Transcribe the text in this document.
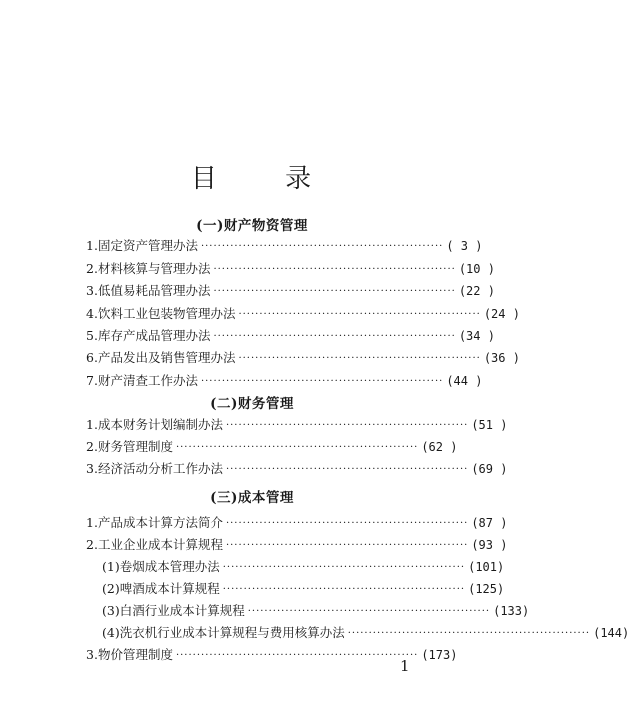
目 录
(一)财产物资管理
1. 固定资产管理办法 ·························································· ( 3 )
2. 材料核算与管理办法 ·························································· (10 )
3. 低值易耗品管理办法 ·························································· (22 )
4. 饮料工业包装物管理办法 ·························································· (24 )
5. 库存产成品管理办法 ·························································· (34 )
6. 产品发出及销售管理办法 ·························································· (36 )
7. 财产清查工作办法 ·························································· (44 )
(二)财务管理
1. 成本财务计划编制办法 ·························································· (51 )
2. 财务管理制度 ·························································· (62 )
3. 经济活动分析工作办法 ·························································· (69 )
(三)成本管理
1. 产品成本计算方法简介 ·························································· (87 )
2. 工业企业成本计算规程 ·························································· (93 )
(1)卷烟成本管理办法 ·························································· (101)
(2)啤酒成本计算规程 ·························································· (125)
(3)白酒行业成本计算规程 ·························································· (133)
(4)洗衣机行业成本计算规程与费用核算办法 ·························································· (144)
3. 物价管理制度 ·························································· (173)
1
